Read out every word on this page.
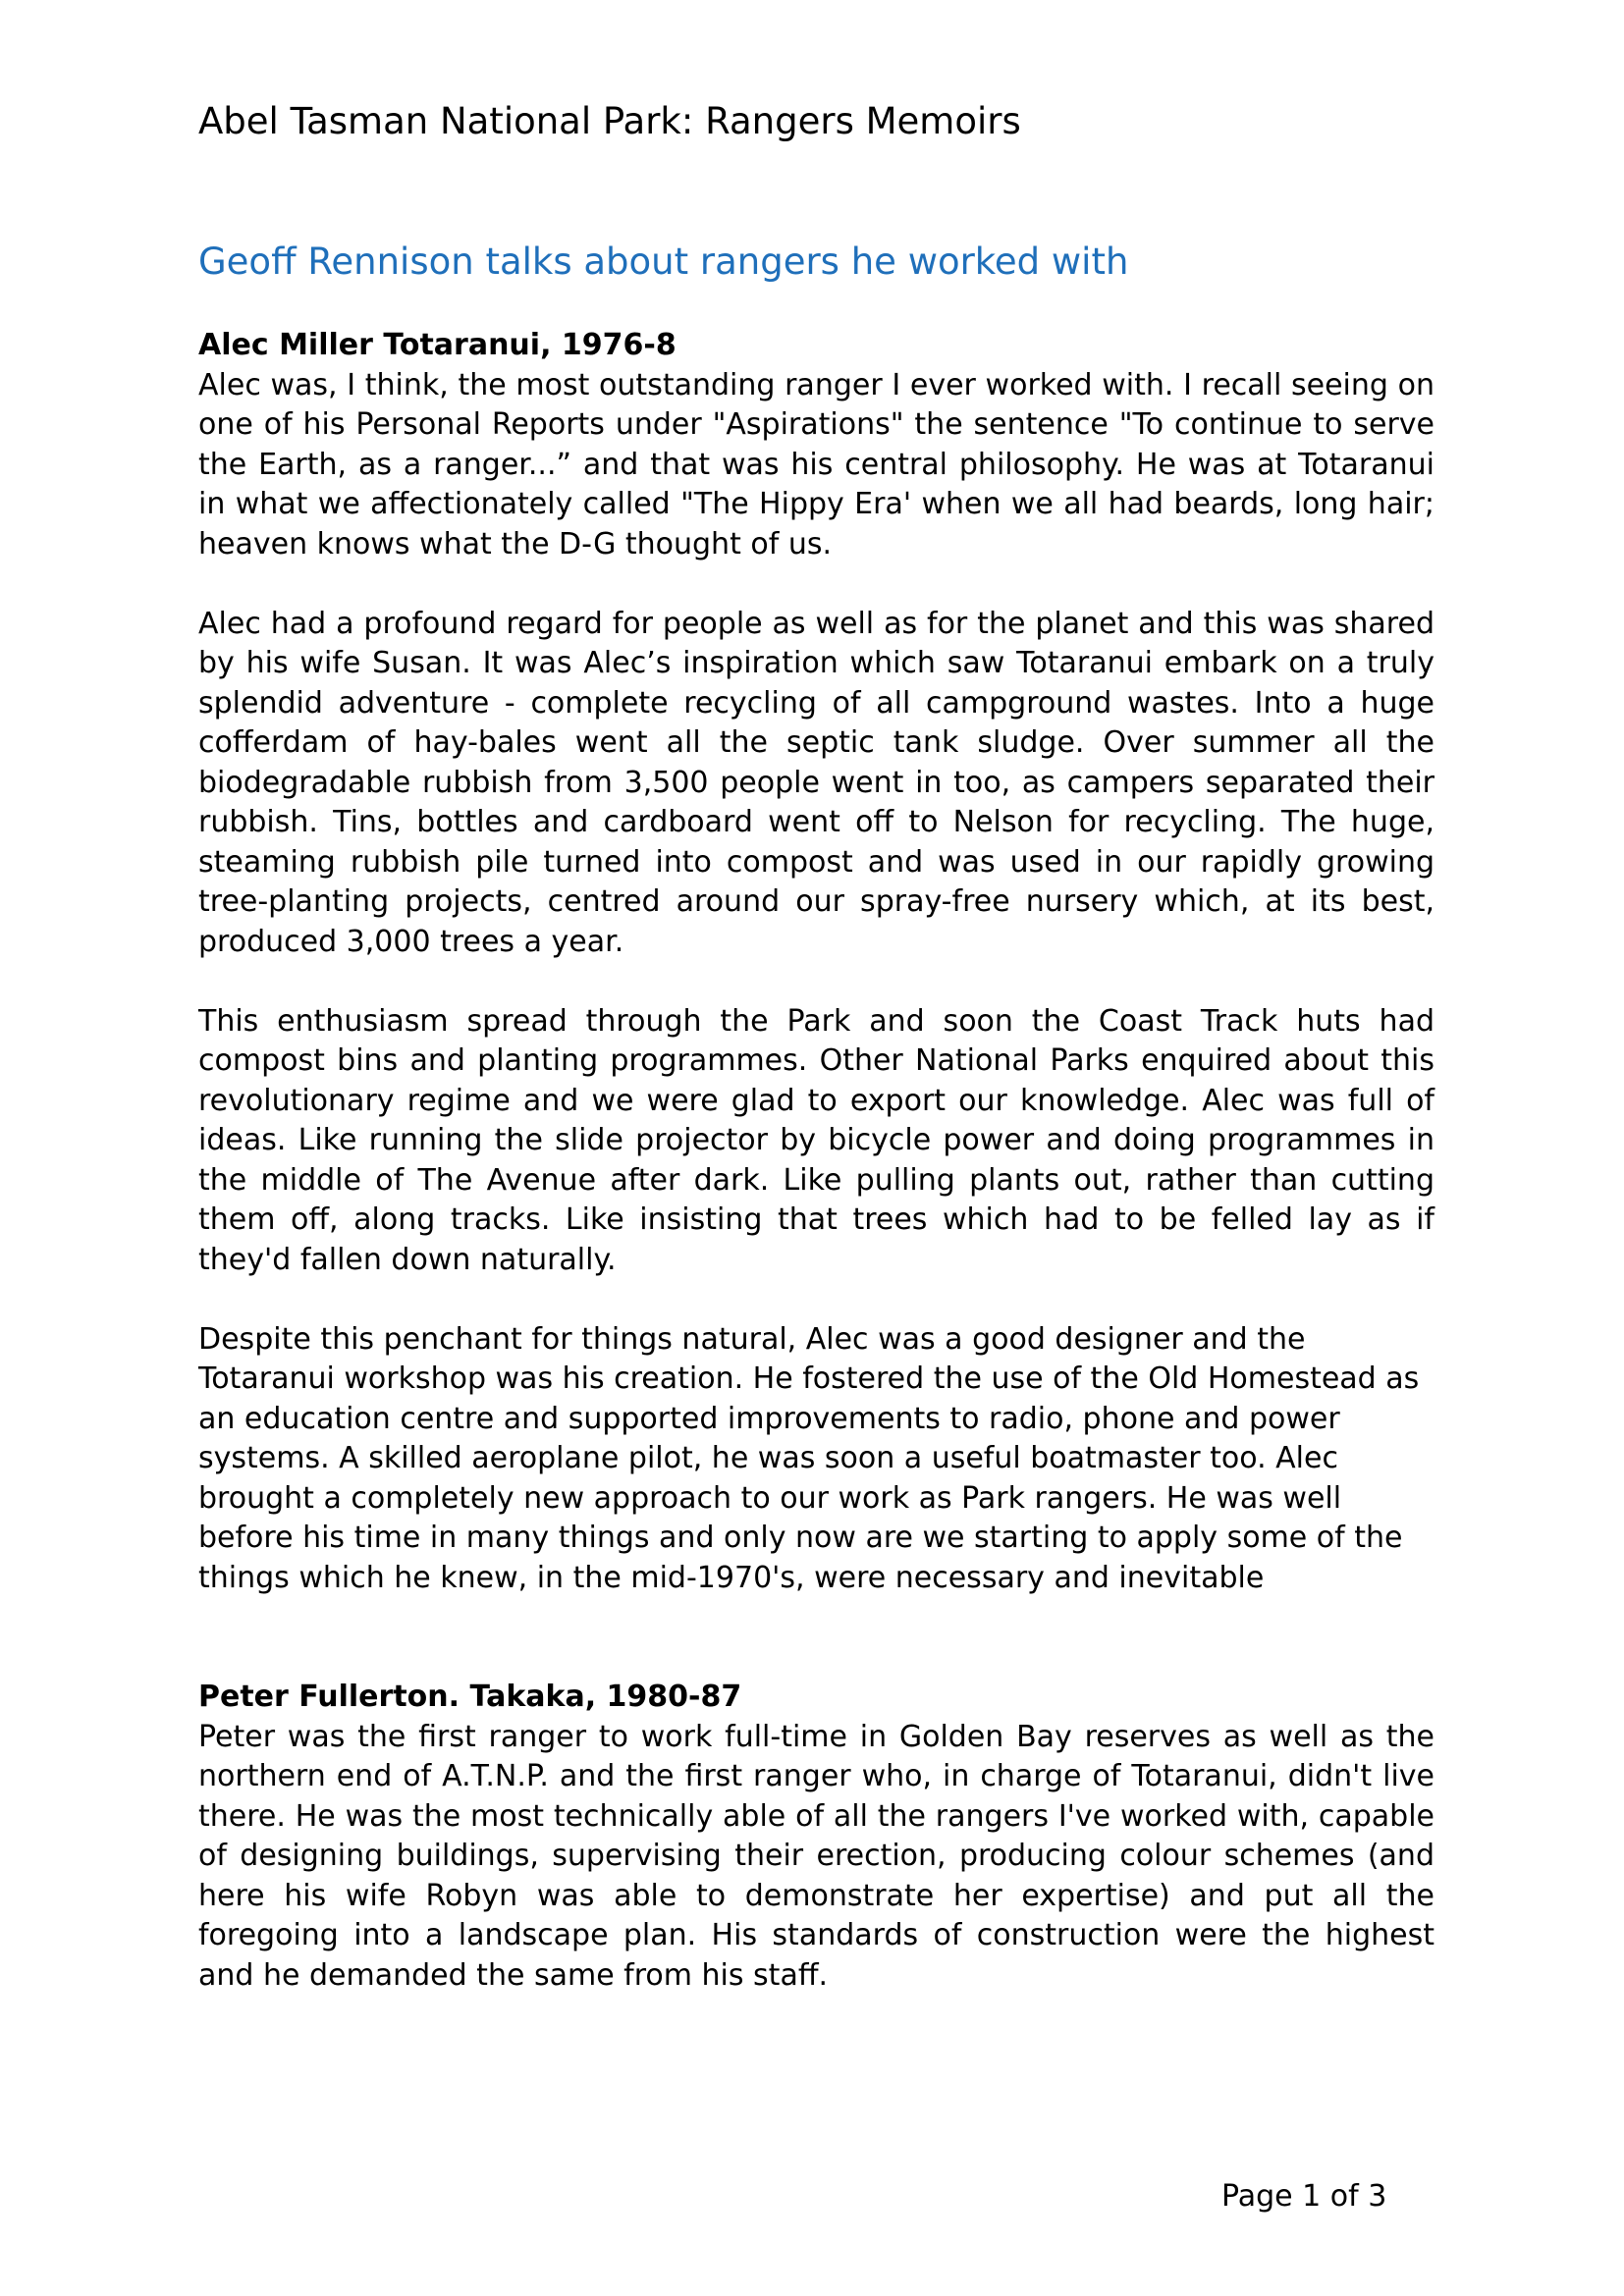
Abel Tasman National Park: Rangers Memoirs
Geoff Rennison talks about rangers he worked with
Alec Miller Totaranui, 1976-8

Alec was, I think, the most outstanding ranger I ever worked with. I recall seeing on one of his Personal Reports under "Aspirations" the sentence "To continue to serve the Earth, as a ranger...” and that was his central philosophy. He was at Totaranui in what we affectionately called "The Hippy Era' when we all had beards, long hair; heaven knows what the D-G thought of us.

Alec had a profound regard for people as well as for the planet and this was shared by his wife Susan. It was Alec’s inspiration which saw Totaranui embark on a truly splendid adventure - complete recycling of all campground wastes. Into a huge cofferdam of hay-bales went all the septic tank sludge. Over summer all the biodegradable rubbish from 3,500 people went in too, as campers separated their rubbish. Tins, bottles and cardboard went off to Nelson for recycling. The huge, steaming rubbish pile turned into compost and was used in our rapidly growing tree-planting projects, centred around our spray-free nursery which, at its best, produced 3,000 trees a year.

This enthusiasm spread through the Park and soon the Coast Track huts had compost bins and planting programmes. Other National Parks enquired about this revolutionary regime and we were glad to export our knowledge. Alec was full of ideas. Like running the slide projector by bicycle power and doing programmes in the middle of The Avenue after dark. Like pulling plants out, rather than cutting them off, along tracks. Like insisting that trees which had to be felled lay as if they'd fallen down naturally.

Despite this penchant for things natural, Alec was a good designer and the Totaranui workshop was his creation. He fostered the use of the Old Homestead as an education centre and supported improvements to radio, phone and power systems. A skilled aeroplane pilot, he was soon a useful boatmaster too. Alec brought a completely new approach to our work as Park rangers. He was well before his time in many things and only now are we starting to apply some of the things which he knew, in the mid-1970's, were necessary and inevitable

Peter Fullerton. Takaka, 1980-87

Peter was the first ranger to work full-time in Golden Bay reserves as well as the northern end of A.T.N.P. and the first ranger who, in charge of Totaranui, didn't live there. He was the most technically able of all the rangers I've worked with, capable of designing buildings, supervising their erection, producing colour schemes (and here his wife Robyn was able to demonstrate her expertise) and put all the foregoing into a landscape plan. His standards of construction were the highest and he demanded the same from his staff.

Page 1 of 3
